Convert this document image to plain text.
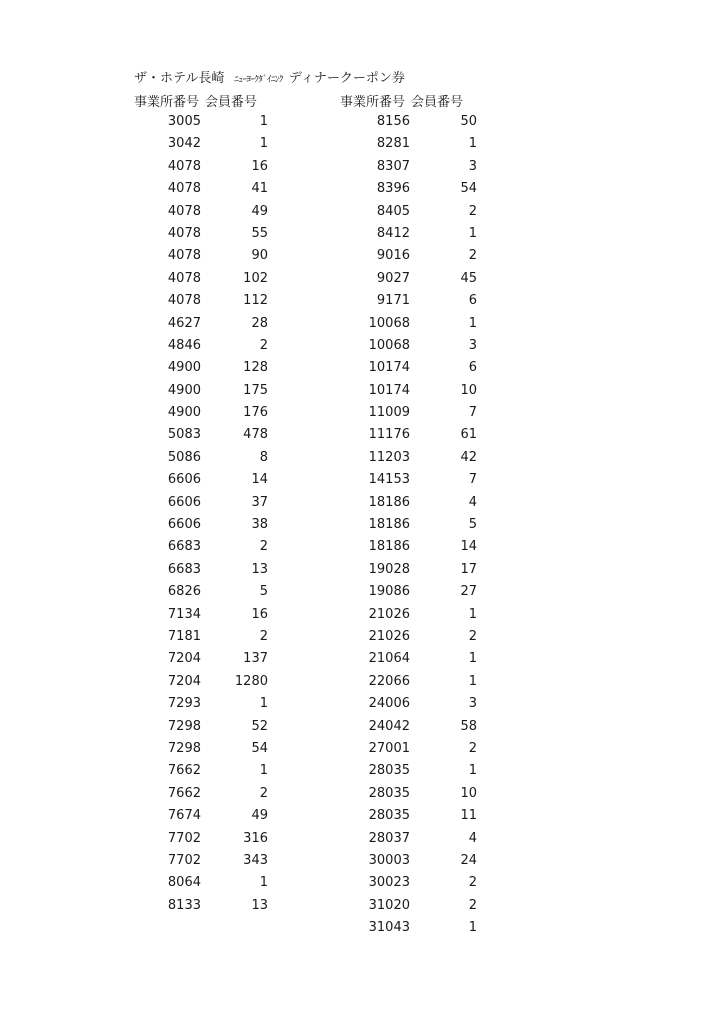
ザ・ホテル長崎 ﾆｭｰﾖｰｸﾀﾞｲﾆﾝｸ ディナークーポン券
事業所番号 会員番号	事業所番号 会員番号
3005	1
3042	1
4078	16
4078	41
4078	49
4078	55
4078	90
4078	102
4078	112
4627	28
4846	2
4900	128
4900	175
4900	176
5083	478
5086	8
6606	14
6606	37
6606	38
6683	2
6683	13
6826	5
7134	16
7181	2
7204	137
7204	1280
7293	1
7298	52
7298	54
7662	1
7662	2
7674	49
7702	316
7702	343
8064	1
8133	13
8156	50
8281	1
8307	3
8396	54
8405	2
8412	1
9016	2
9027	45
9171	6
10068	1
10068	3
10174	6
10174	10
11009	7
11176	61
11203	42
14153	7
18186	4
18186	5
18186	14
19028	17
19086	27
21026	1
21026	2
21064	1
22066	1
24006	3
24042	58
27001	2
28035	1
28035	10
28035	11
28037	4
30003	24
30023	2
31020	2
31043	1
